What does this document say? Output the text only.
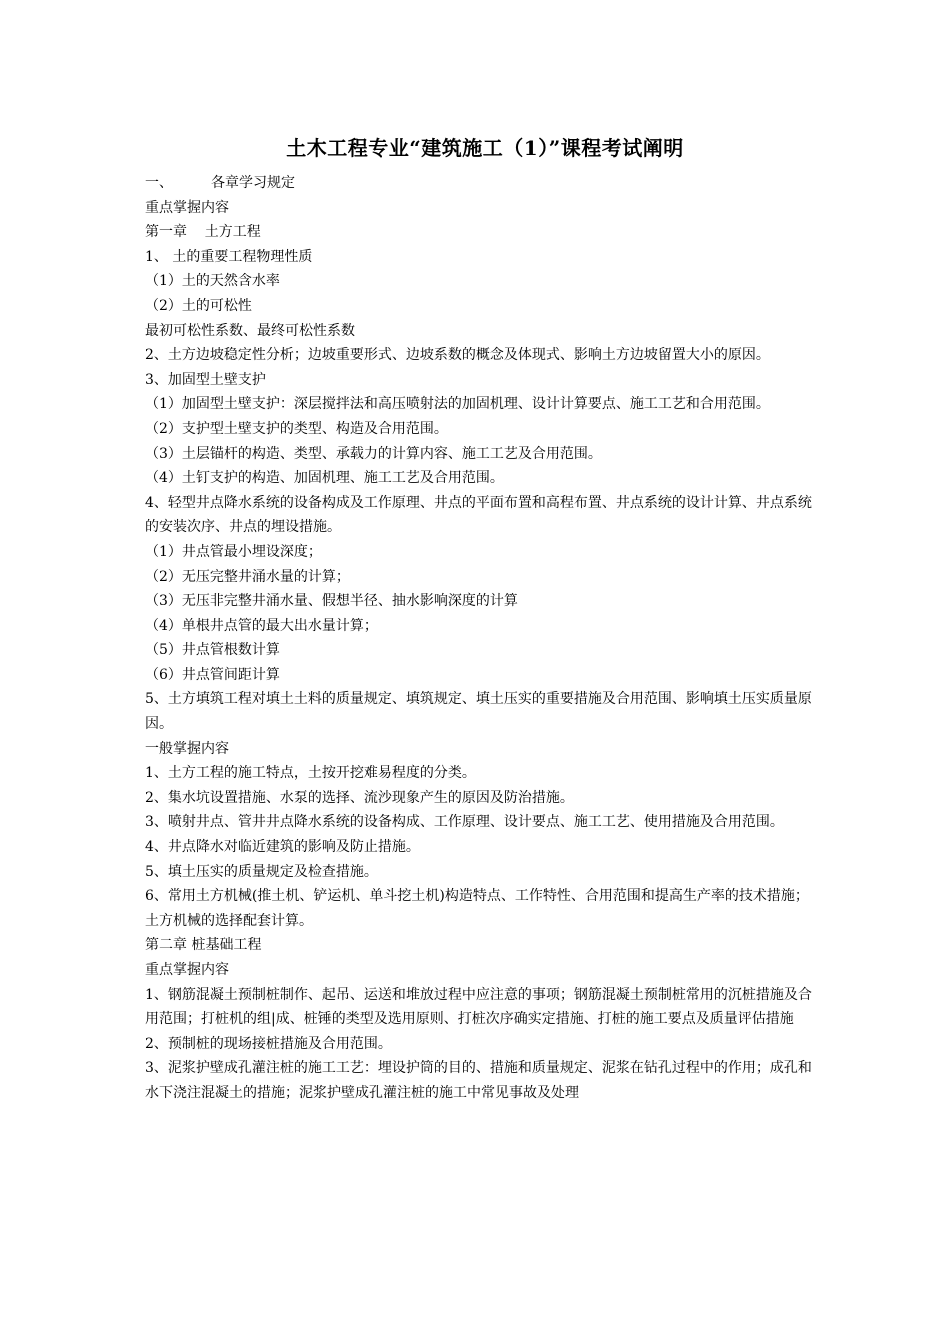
土木工程专业“建筑施工（1）”课程考试阐明

一、	各章学习规定

重点掌握内容

第一章    土方工程

1、 土的重要工程物理性质

（1）土的天然含水率

（2）土的可松性

最初可松性系数、最终可松性系数

2、土方边坡稳定性分析；边坡重要形式、边坡系数的概念及体现式、影响土方边坡留置大小的原因。

3、加固型土壁支护

（1）加固型土壁支护：深层搅拌法和高压喷射法的加固机理、设计计算要点、施工工艺和合用范围。

（2）支护型土壁支护的类型、构造及合用范围。

（3）土层锚杆的构造、类型、承载力的计算内容、施工工艺及合用范围。

（4）土钉支护的构造、加固机理、施工工艺及合用范围。

4、轻型井点降水系统的设备构成及工作原理、井点的平面布置和高程布置、井点系统的设计计算、井点系统的安装次序、井点的埋设措施。

（1）井点管最小埋设深度；

（2）无压完整井涌水量的计算；

（3）无压非完整井涌水量、假想半径、抽水影响深度的计算

（4）单根井点管的最大出水量计算；

（5）井点管根数计算

（6）井点管间距计算

5、土方填筑工程对填土土料的质量规定、填筑规定、填土压实的重要措施及合用范围、影响填土压实质量原因。

一般掌握内容

1、土方工程的施工特点，土按开挖难易程度的分类。

2、集水坑设置措施、水泵的选择、流沙现象产生的原因及防治措施。

3、喷射井点、管井井点降水系统的设备构成、工作原理、设计要点、施工工艺、使用措施及合用范围。

4、井点降水对临近建筑的影响及防止措施。

5、填土压实的质量规定及检查措施。

6、常用土方机械(推土机、铲运机、单斗挖土机)构造特点、工作特性、合用范围和提高生产率的技术措施；土方机械的选择配套计算。

第二章 桩基础工程

重点掌握内容

1、钢筋混凝土预制桩制作、起吊、运送和堆放过程中应注意的事项；钢筋混凝土预制桩常用的沉桩措施及合用范围；打桩机的组|成、桩锤的类型及选用原则、打桩次序确实定措施、打桩的施工要点及质量评估措施

2、预制桩的现场接桩措施及合用范围。

3、泥浆护壁成孔灌注桩的施工工艺：埋设护筒的目的、措施和质量规定、泥浆在钻孔过程中的作用；成孔和水下浇注混凝土的措施；泥浆护壁成孔灌注桩的施工中常见事故及处理
